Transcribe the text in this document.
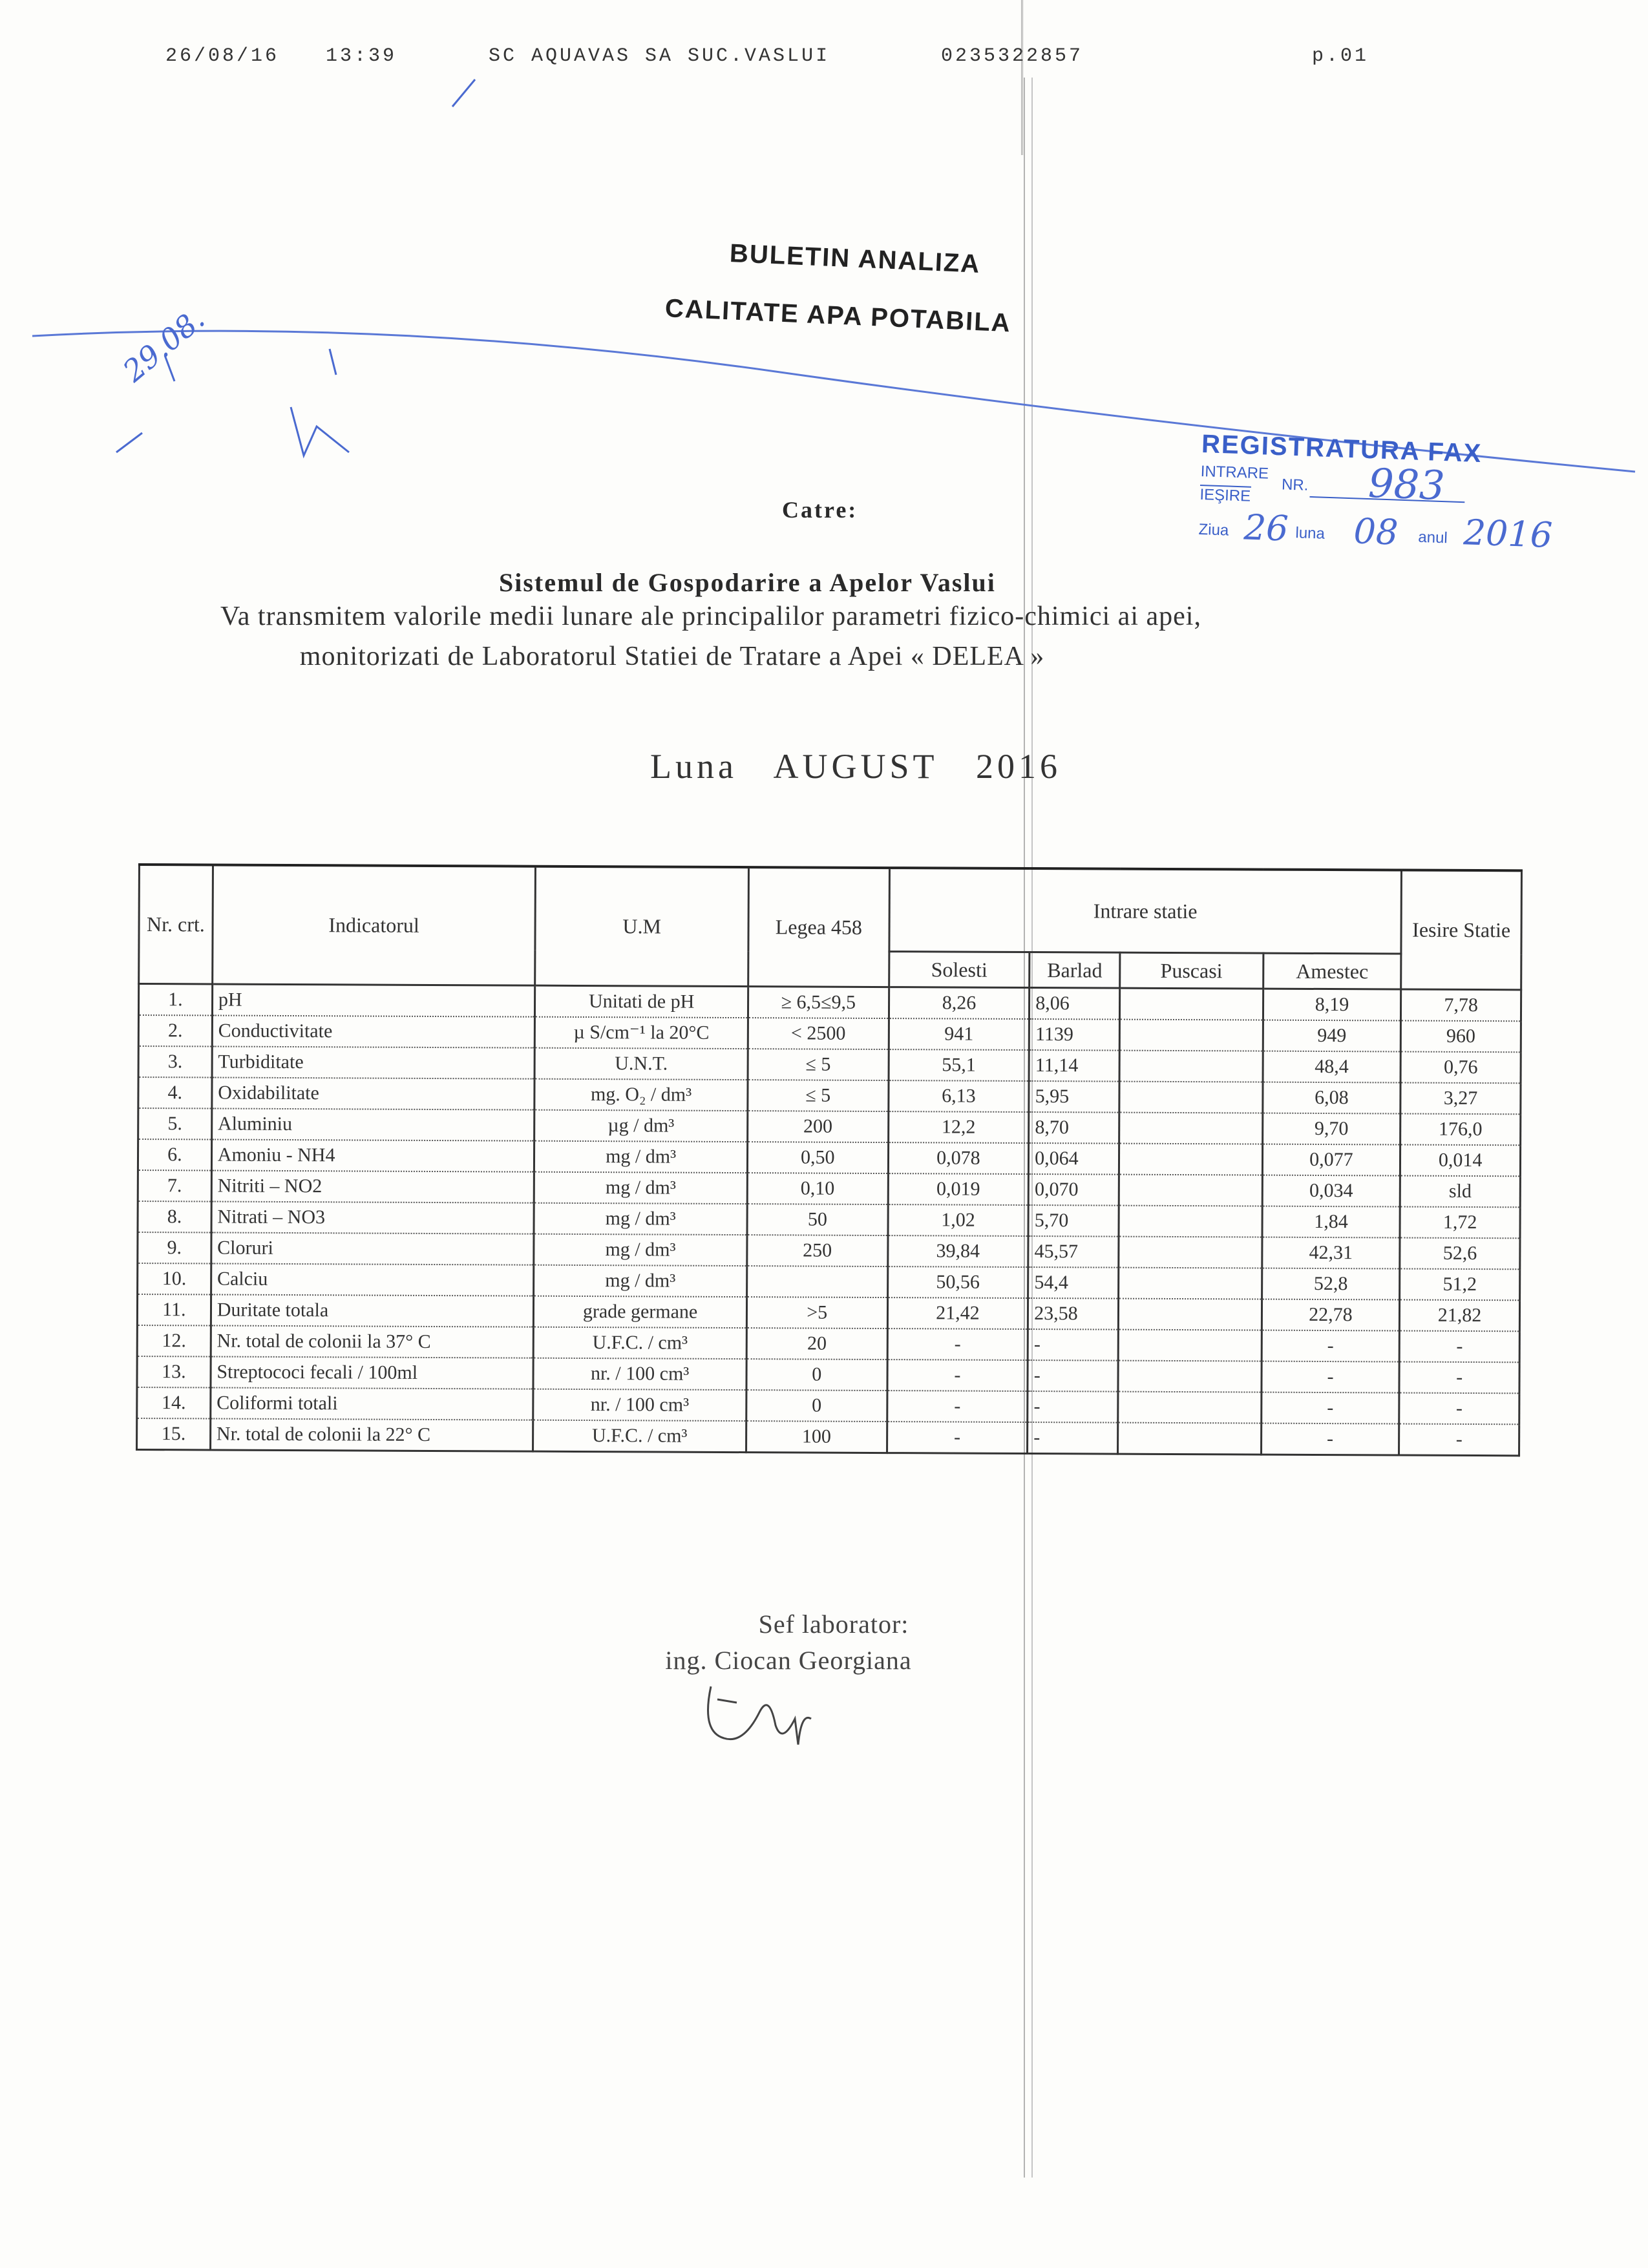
26/08/16 13:39	SC AQUAVAS SA SUC.VASLUI	0235322857	p.01
BULETIN ANALIZA
CALITATE APA POTABILA
29.08.
REGISTRATURA FAX
INTRARE
IEŞIRE
NR. 983
Ziua 26 luna 08 anul 2016
Catre:
Sistemul de Gospodarire a Apelor Vaslui
Va transmitem valorile medii lunare ale principalilor parametri fizico-chimici ai apei,
monitorizati de Laboratorul Statiei de Tratare a Apei « DELEA »
Luna AUGUST 2016
Nr. crt.	Indicatorul	U.M	Legea 458	Intrare statie				Iesire Statie
				Solesti	Barlad	Puscasi	Amestec	
1.	pH	Unitati de pH	≥ 6,5≤9,5	8,26	8,06		8,19	7,78
2.	Conductivitate	µ S/cm⁻¹ la 20°C	< 2500	941	1139		949	960
3.	Turbiditate	U.N.T.	≤ 5	55,1	11,14		48,4	0,76
4.	Oxidabilitate	mg. O₂ / dm³	≤ 5	6,13	5,95		6,08	3,27
5.	Aluminiu	µg / dm³	200	12,2	8,70		9,70	176,0
6.	Amoniu - NH4	mg / dm³	0,50	0,078	0,064		0,077	0,014
7.	Nitriti – NO2	mg / dm³	0,10	0,019	0,070		0,034	sld
8.	Nitrati – NO3	mg / dm³	50	1,02	5,70		1,84	1,72
9.	Cloruri	mg / dm³	250	39,84	45,57		42,31	52,6
10.	Calciu	mg / dm³		50,56	54,4		52,8	51,2
11.	Duritate totala	grade germane	>5	21,42	23,58		22,78	21,82
12.	Nr. total de colonii la 37° C	U.F.C. / cm³	20	-	-		-	-
13.	Streptococi fecali / 100ml	nr. / 100 cm³	0	-	-		-	-
14.	Coliformi totali	nr. / 100 cm³	0	-	-		-	-
15.	Nr. total de colonii la 22° C	U.F.C. / cm³	100	-	-		-	-
Sef laborator:
ing. Ciocan Georgiana
